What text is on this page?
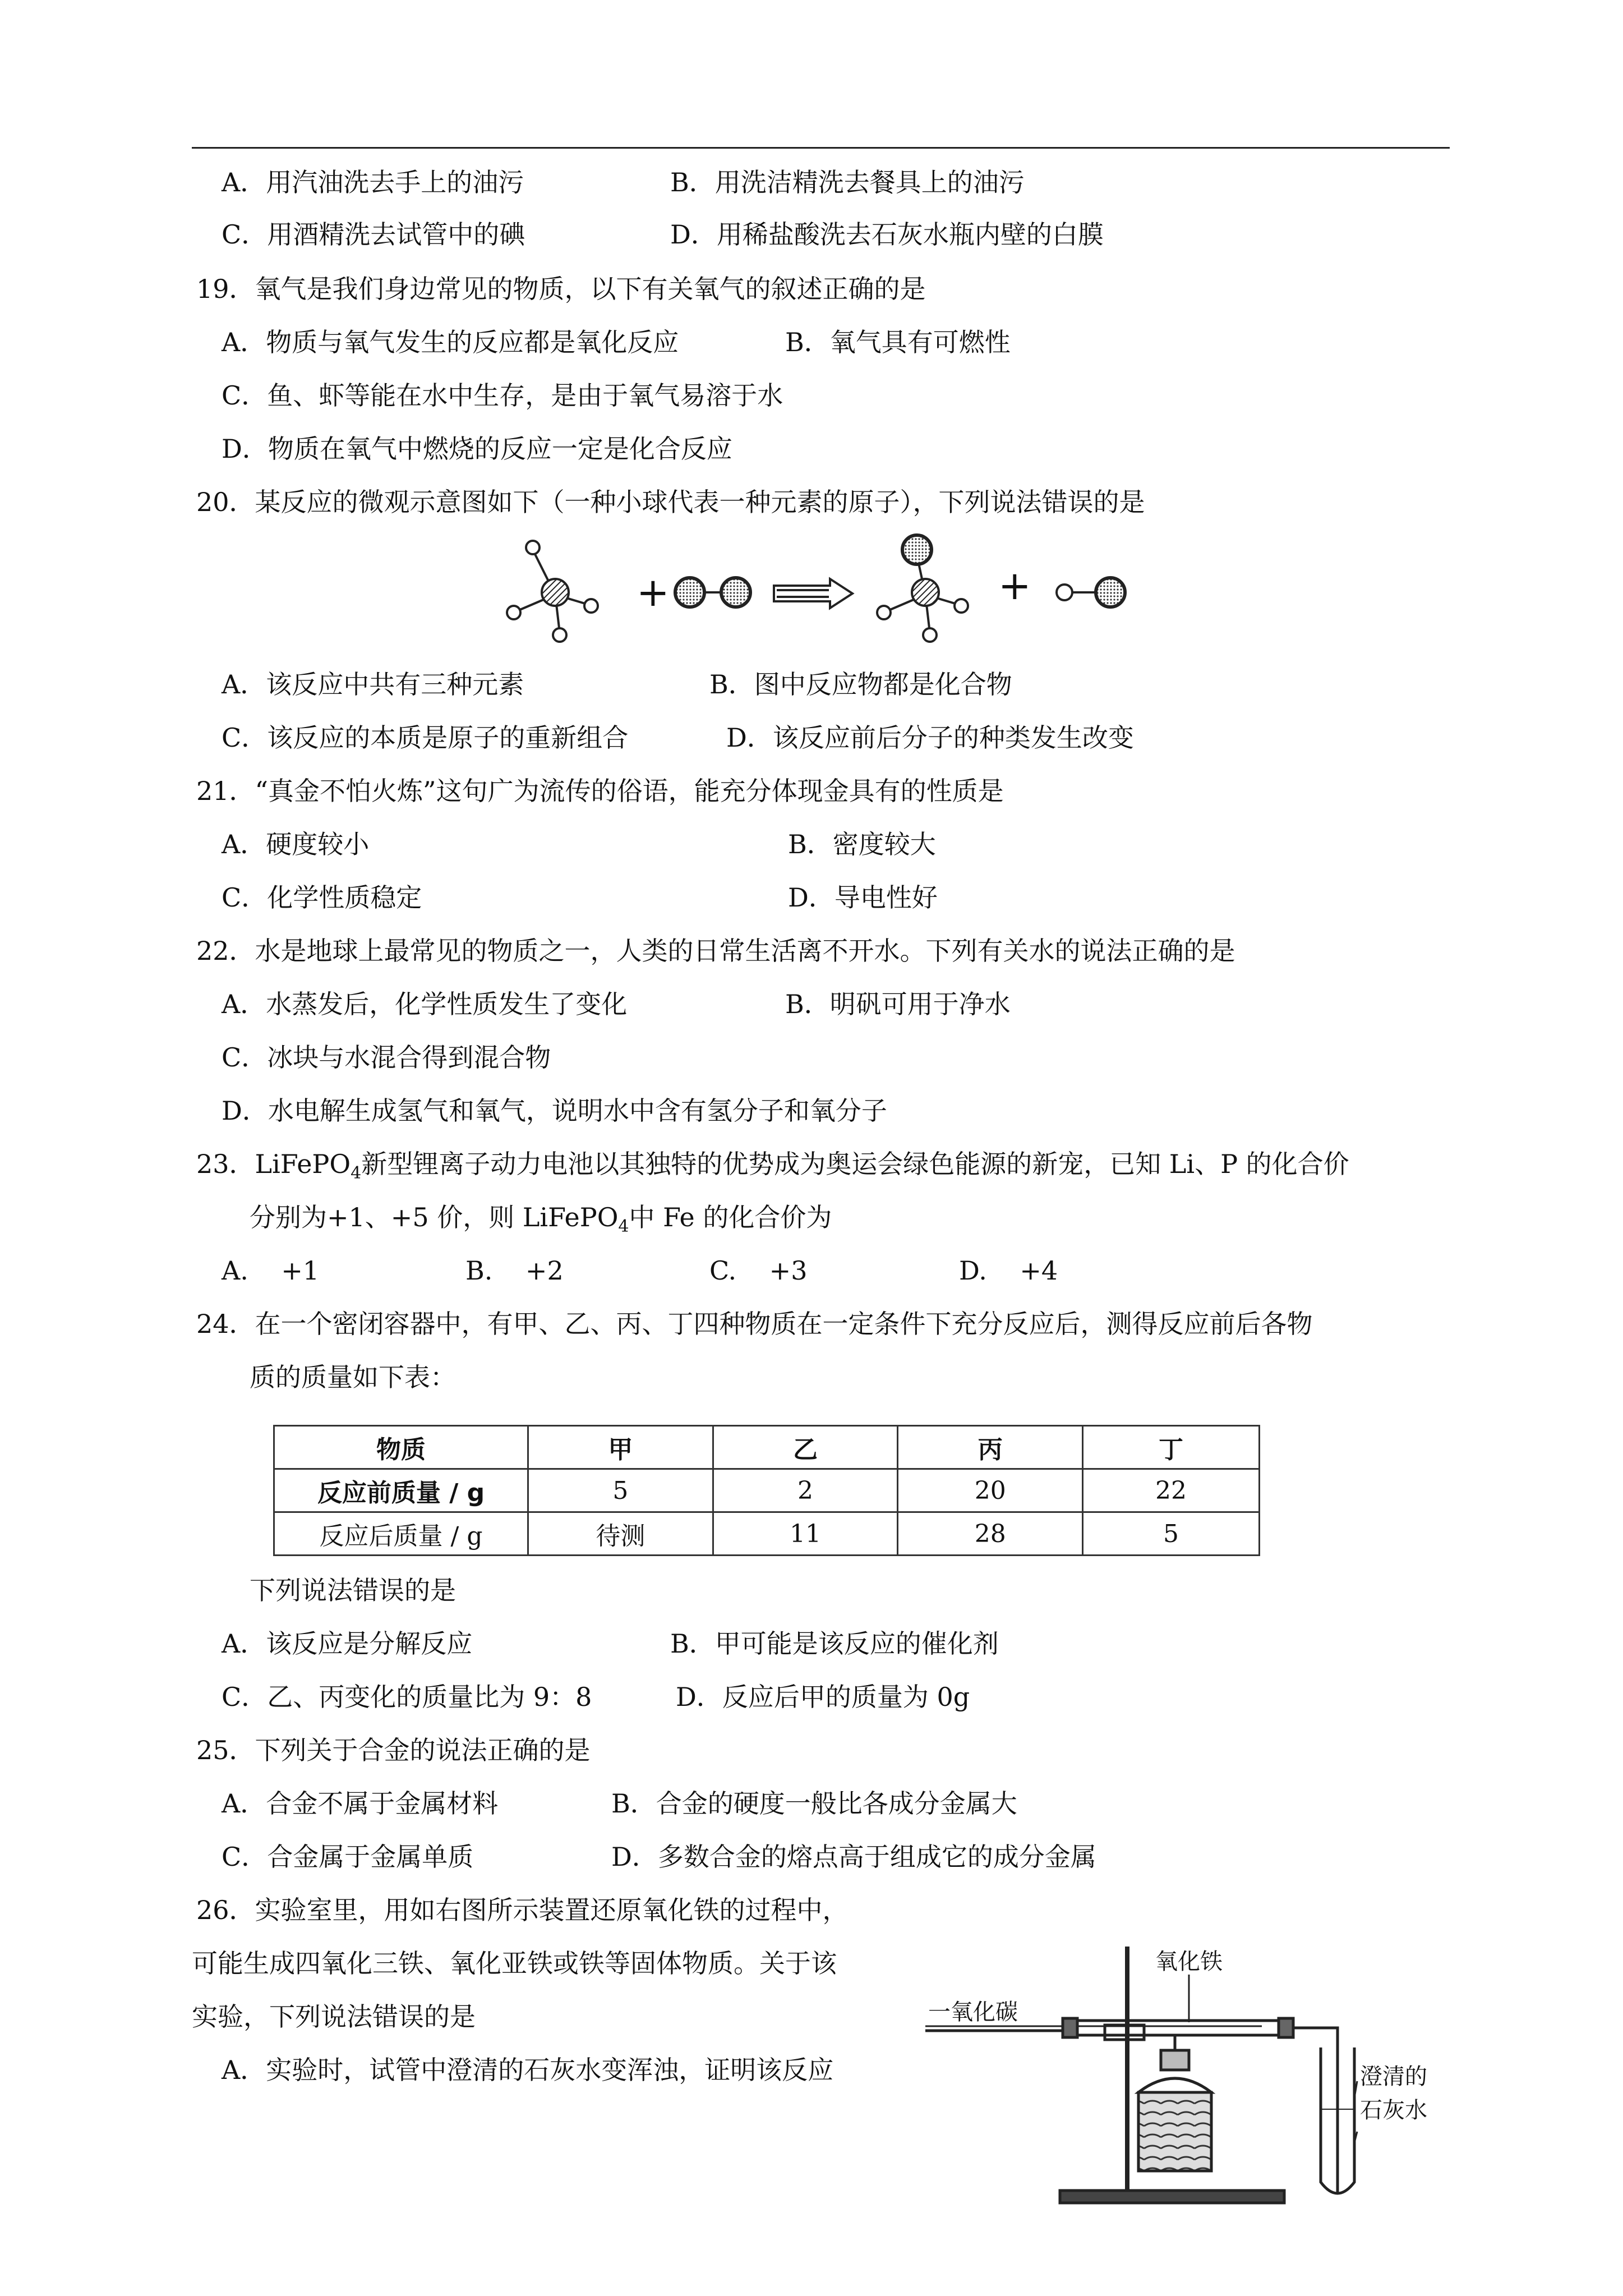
A．用汽油洗去手上的油污	B．用洗洁精洗去餐具上的油污
C．用酒精洗去试管中的碘	D．用稀盐酸洗去石灰水瓶内壁的白膜
19．氧气是我们身边常见的物质，以下有关氧气的叙述正确的是
A．物质与氧气发生的反应都是氧化反应	B．氧气具有可燃性
C．鱼、虾等能在水中生存，是由于氧气易溶于水
D．物质在氧气中燃烧的反应一定是化合反应
20．某反应的微观示意图如下（一种小球代表一种元素的原子），下列说法错误的是
+	+
A．该反应中共有三种元素	B．图中反应物都是化合物
C．该反应的本质是原子的重新组合	D．该反应前后分子的种类发生改变
21．“真金不怕火炼”这句广为流传的俗语，能充分体现金具有的性质是
A．硬度较小	B．密度较大
C．化学性质稳定	D．导电性好
22．水是地球上最常见的物质之一，人类的日常生活离不开水。下列有关水的说法正确的是
A．水蒸发后，化学性质发生了变化	B．明矾可用于净水
C．冰块与水混合得到混合物
D．水电解生成氢气和氧气，说明水中含有氢分子和氧分子
23．LiFePO$_4$新型锂离子动力电池以其独特的优势成为奥运会绿色能源的新宠，已知 Li、P 的化合价
分别为+1、+5 价，则 LiFePO$_4$中 Fe 的化合价为
A.    +1	B.    +2	C.    +3	D.    +4
24．在一个密闭容器中，有甲、乙、丙、丁四种物质在一定条件下充分反应后，测得反应前后各物
质的质量如下表：
物质	甲	乙	丙	丁
反应前质量 / g	5	2	20	22
反应后质量 / g	待测	11	28	5
下列说法错误的是
A．该反应是分解反应	B．甲可能是该反应的催化剂
C．乙、丙变化的质量比为 9：8	D．反应后甲的质量为 0g
25．下列关于合金的说法正确的是
A．合金不属于金属材料	B．合金的硬度一般比各成分金属大
C．合金属于金属单质	D．多数合金的熔点高于组成它的成分金属
26．实验室里，用如右图所示装置还原氧化铁的过程中，
可能生成四氧化三铁、氧化亚铁或铁等固体物质。关于该
实验，下列说法错误的是
A．实验时，试管中澄清的石灰水变浑浊，证明该反应
氧化铁
一氧化碳
澄清的
石灰水
